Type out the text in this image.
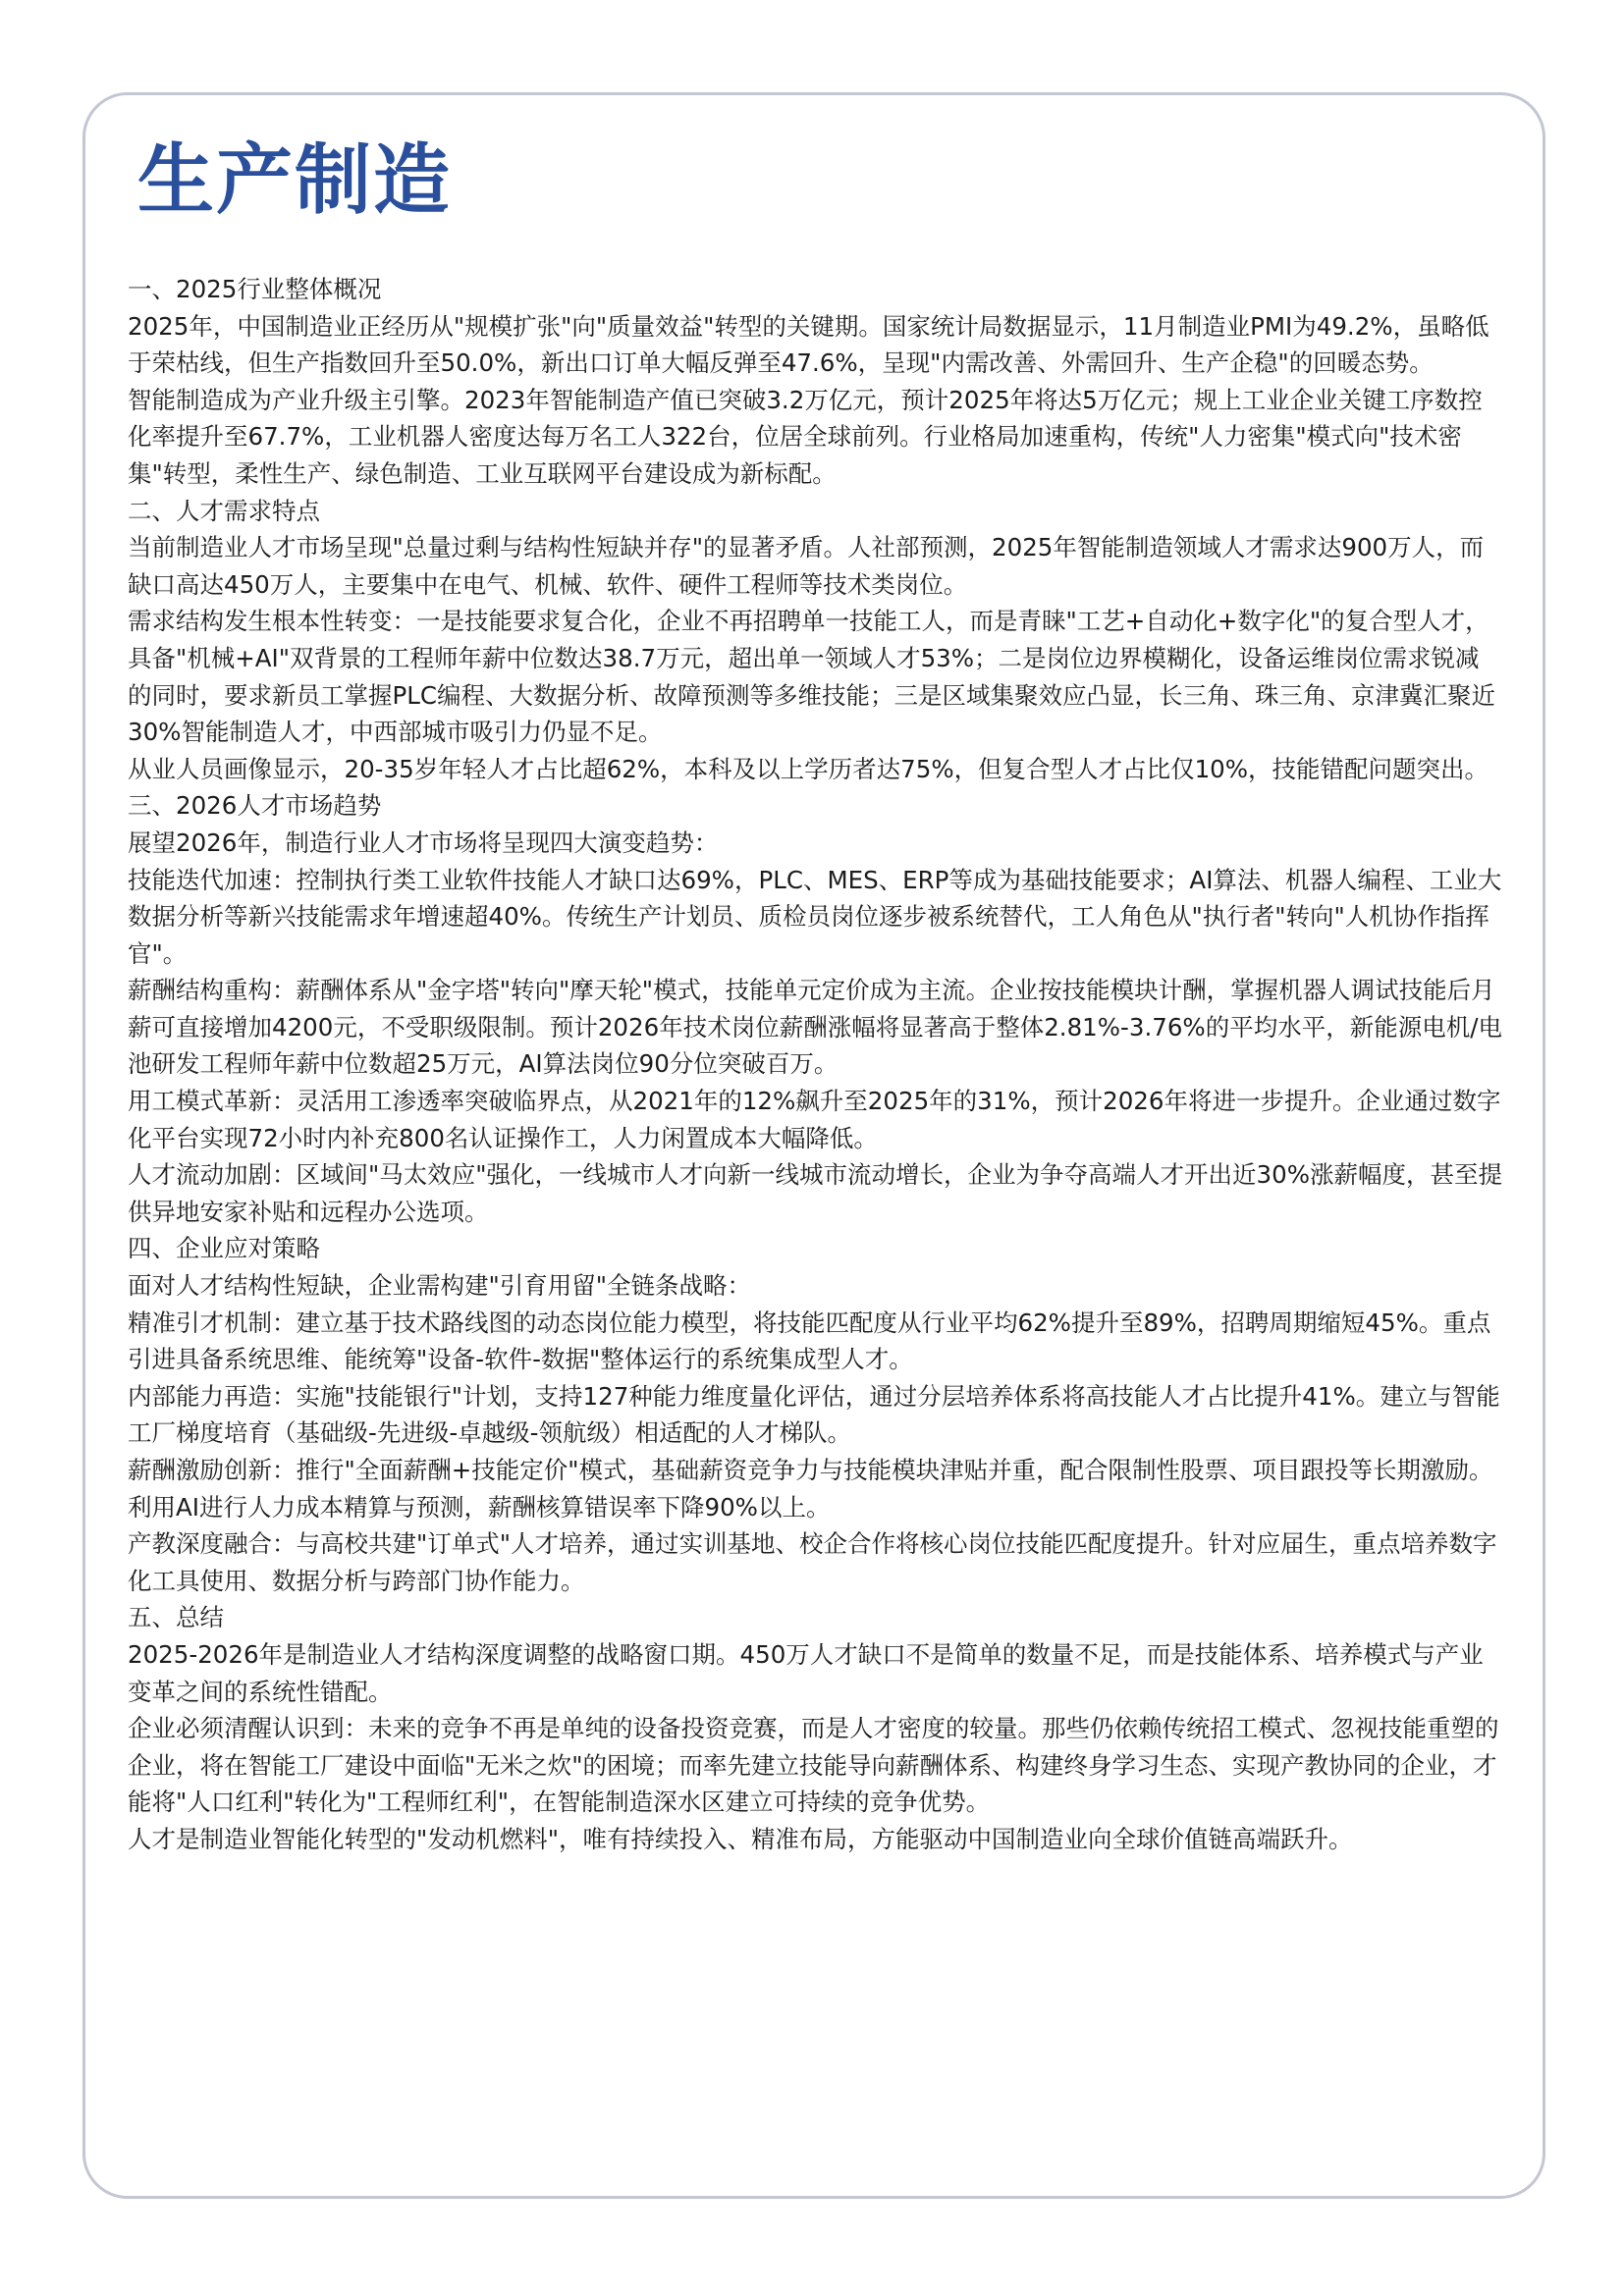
生产制造

一、2025行业整体概况

2025年，中国制造业正经历从"规模扩张"向"质量效益"转型的关键期。国家统计局数据显示，11月制造业PMI为49.2%，虽略低于荣枯线，但生产指数回升至50.0%，新出口订单大幅反弹至47.6%，呈现"内需改善、外需回升、生产企稳"的回暖态势。

智能制造成为产业升级主引擎。2023年智能制造产值已突破3.2万亿元，预计2025年将达5万亿元；规上工业企业关键工序数控化率提升至67.7%，工业机器人密度达每万名工人322台，位居全球前列。行业格局加速重构，传统"人力密集"模式向"技术密集"转型，柔性生产、绿色制造、工业互联网平台建设成为新标配。

二、人才需求特点

当前制造业人才市场呈现"总量过剩与结构性短缺并存"的显著矛盾。人社部预测，2025年智能制造领域人才需求达900万人，而缺口高达450万人，主要集中在电气、机械、软件、硬件工程师等技术类岗位。

需求结构发生根本性转变：一是技能要求复合化，企业不再招聘单一技能工人，而是青睐"工艺+自动化+数字化"的复合型人才，具备"机械+AI"双背景的工程师年薪中位数达38.7万元，超出单一领域人才53%；二是岗位边界模糊化，设备运维岗位需求锐减的同时，要求新员工掌握PLC编程、大数据分析、故障预测等多维技能；三是区域集聚效应凸显，长三角、珠三角、京津冀汇聚近30%智能制造人才，中西部城市吸引力仍显不足。

从业人员画像显示，20-35岁年轻人才占比超62%，本科及以上学历者达75%，但复合型人才占比仅10%，技能错配问题突出。

三、2026人才市场趋势

展望2026年，制造行业人才市场将呈现四大演变趋势：

技能迭代加速：控制执行类工业软件技能人才缺口达69%，PLC、MES、ERP等成为基础技能要求；AI算法、机器人编程、工业大数据分析等新兴技能需求年增速超40%。传统生产计划员、质检员岗位逐步被系统替代，工人角色从"执行者"转向"人机协作指挥官"。

薪酬结构重构：薪酬体系从"金字塔"转向"摩天轮"模式，技能单元定价成为主流。企业按技能模块计酬，掌握机器人调试技能后月薪可直接增加4200元，不受职级限制。预计2026年技术岗位薪酬涨幅将显著高于整体2.81%-3.76%的平均水平，新能源电机/电池研发工程师年薪中位数超25万元，AI算法岗位90分位突破百万。

用工模式革新：灵活用工渗透率突破临界点，从2021年的12%飙升至2025年的31%，预计2026年将进一步提升。企业通过数字化平台实现72小时内补充800名认证操作工，人力闲置成本大幅降低。

人才流动加剧：区域间"马太效应"强化，一线城市人才向新一线城市流动增长，企业为争夺高端人才开出近30%涨薪幅度，甚至提供异地安家补贴和远程办公选项。

四、企业应对策略

面对人才结构性短缺，企业需构建"引育用留"全链条战略：

精准引才机制：建立基于技术路线图的动态岗位能力模型，将技能匹配度从行业平均62%提升至89%，招聘周期缩短45%。重点引进具备系统思维、能统筹"设备-软件-数据"整体运行的系统集成型人才。

内部能力再造：实施"技能银行"计划，支持127种能力维度量化评估，通过分层培养体系将高技能人才占比提升41%。建立与智能工厂梯度培育（基础级-先进级-卓越级-领航级）相适配的人才梯队。

薪酬激励创新：推行"全面薪酬+技能定价"模式，基础薪资竞争力与技能模块津贴并重，配合限制性股票、项目跟投等长期激励。利用AI进行人力成本精算与预测，薪酬核算错误率下降90%以上。

产教深度融合：与高校共建"订单式"人才培养，通过实训基地、校企合作将核心岗位技能匹配度提升。针对应届生，重点培养数字化工具使用、数据分析与跨部门协作能力。

五、总结

2025-2026年是制造业人才结构深度调整的战略窗口期。450万人才缺口不是简单的数量不足，而是技能体系、培养模式与产业变革之间的系统性错配。

企业必须清醒认识到：未来的竞争不再是单纯的设备投资竞赛，而是人才密度的较量。那些仍依赖传统招工模式、忽视技能重塑的企业，将在智能工厂建设中面临"无米之炊"的困境；而率先建立技能导向薪酬体系、构建终身学习生态、实现产教协同的企业，才能将"人口红利"转化为"工程师红利"，在智能制造深水区建立可持续的竞争优势。

人才是制造业智能化转型的"发动机燃料"，唯有持续投入、精准布局，方能驱动中国制造业向全球价值链高端跃升。
